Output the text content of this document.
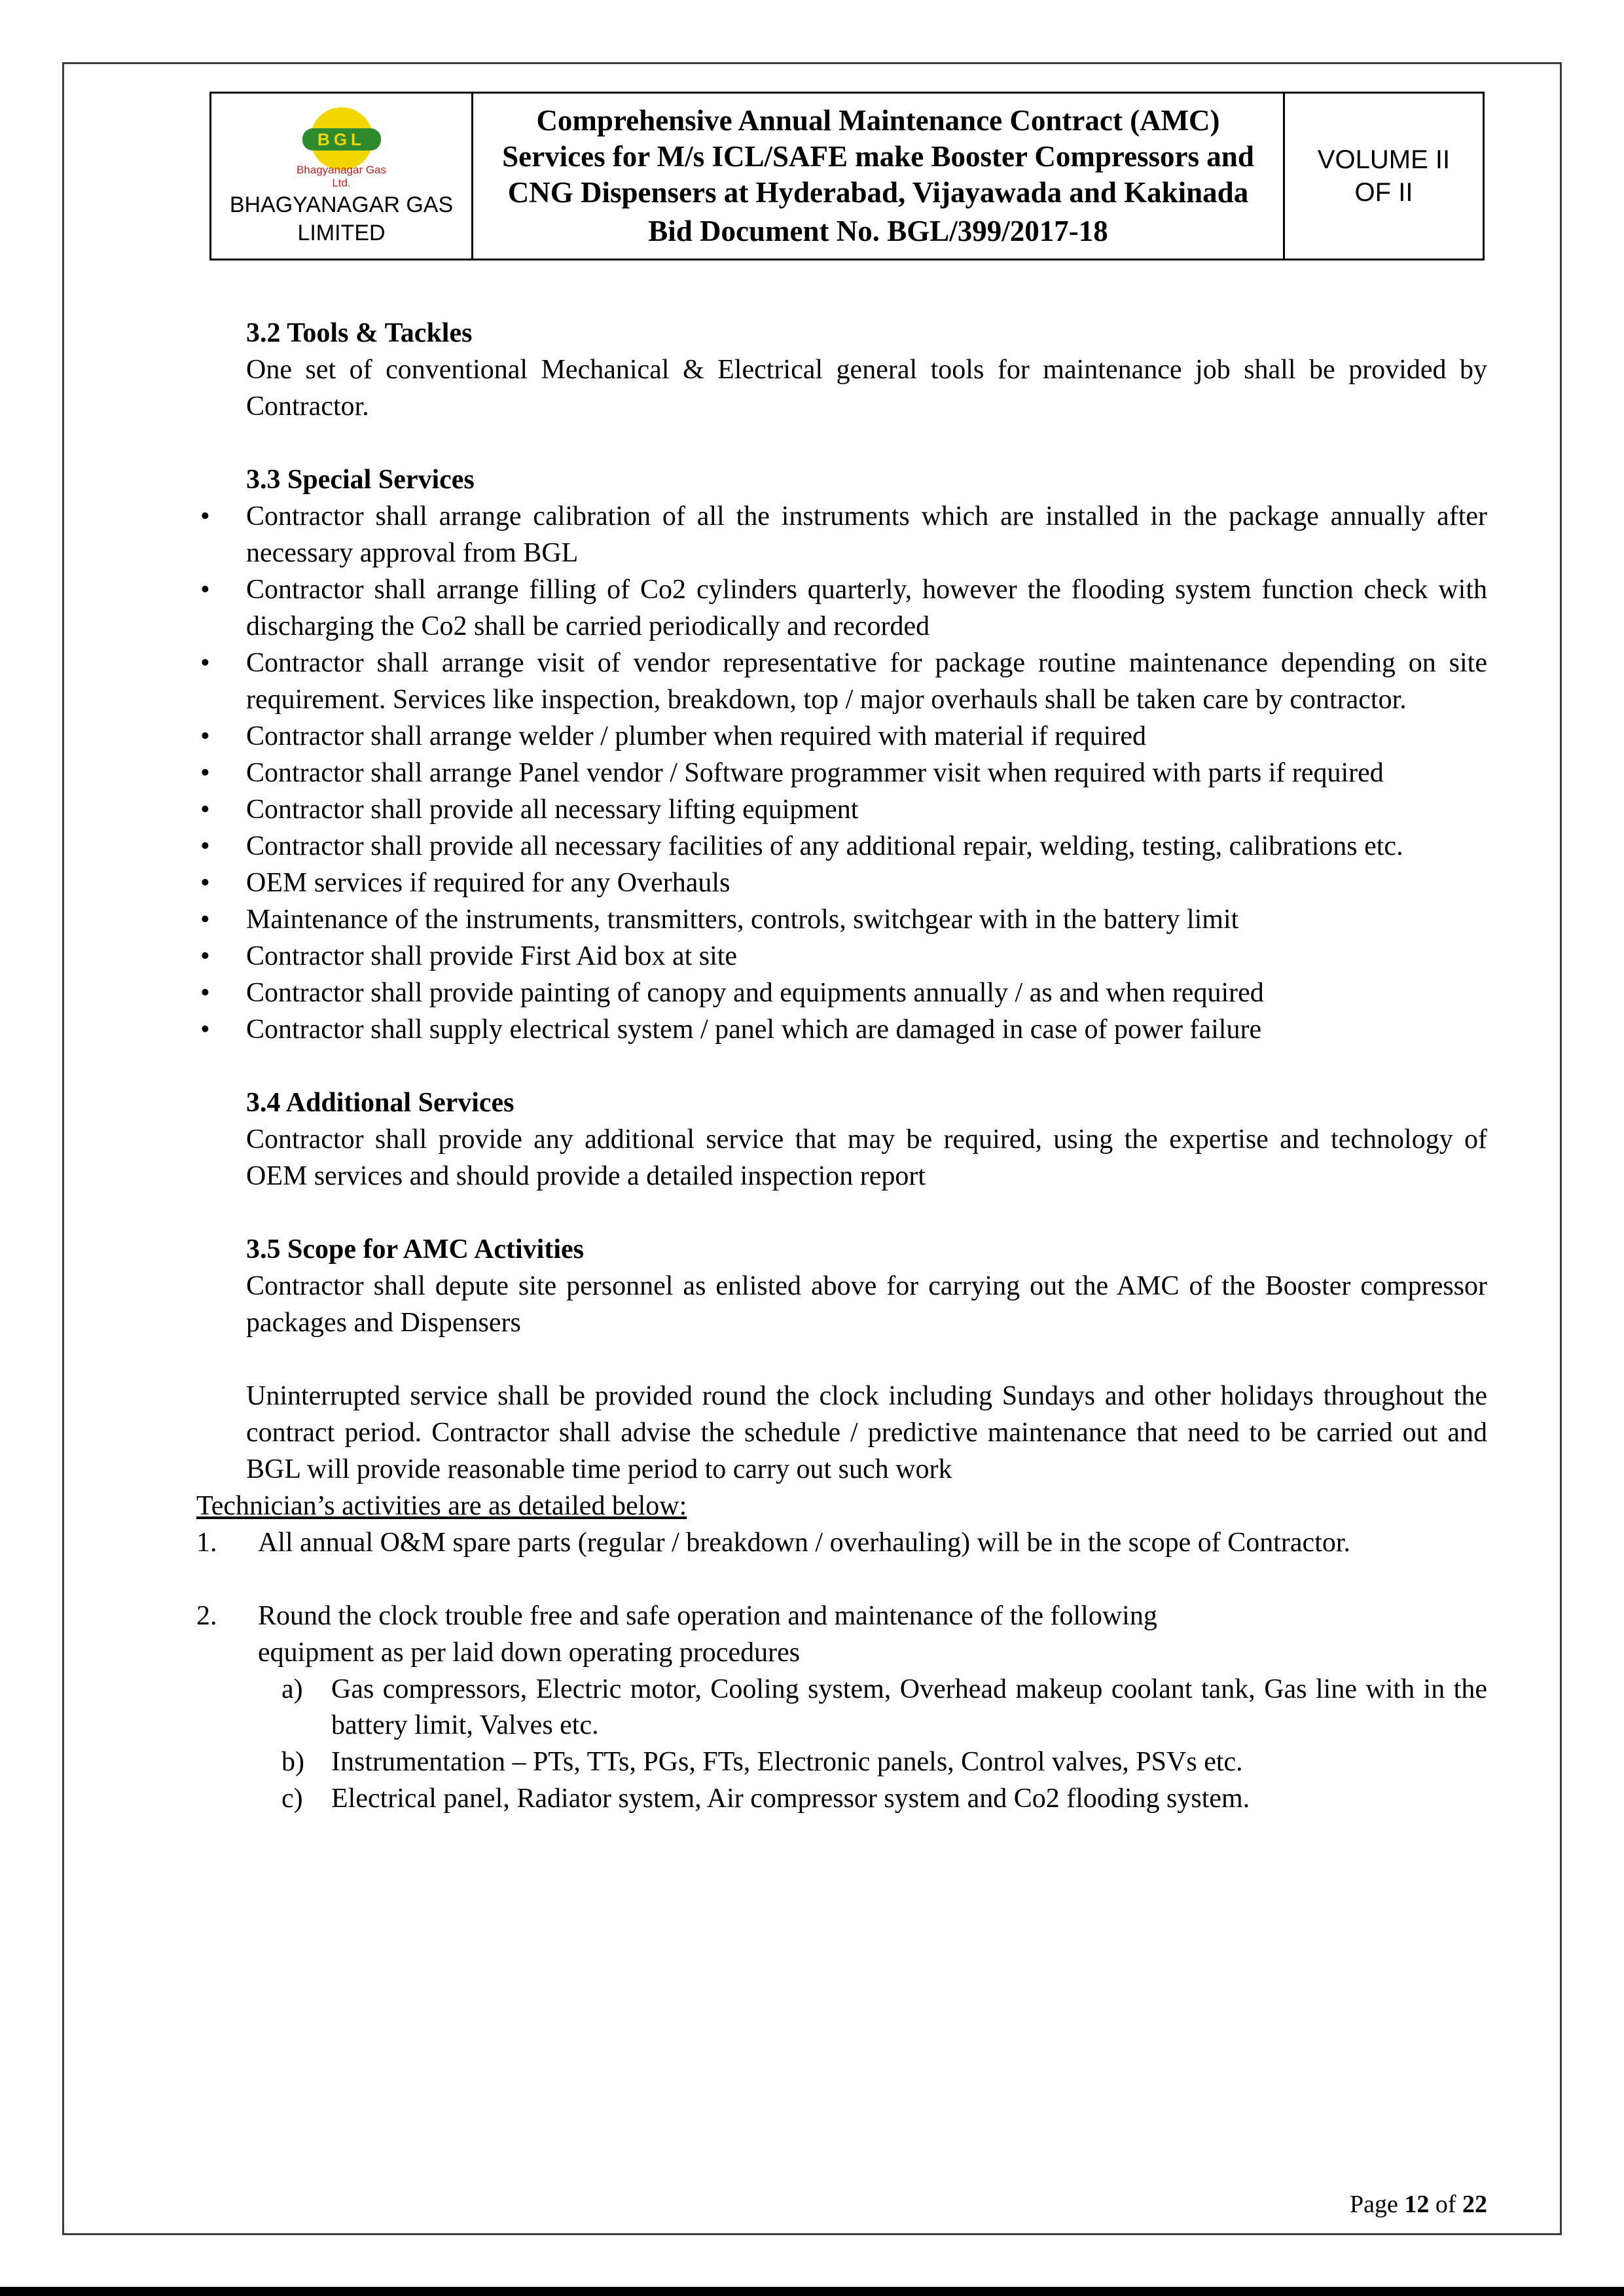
BGL
Bhagyanagar Gas Ltd.
BHAGYANAGAR GAS LIMITED
Comprehensive Annual Maintenance Contract (AMC) Services for M/s ICL/SAFE make Booster Compressors and CNG Dispensers at Hyderabad, Vijayawada and Kakinada
Bid Document No. BGL/399/2017-18
VOLUME II OF II
3.2 Tools & Tackles
One set of conventional Mechanical & Electrical general tools for maintenance job shall be provided by Contractor.
3.3 Special Services
•
Contractor shall arrange calibration of all the instruments which are installed in the package annually after necessary approval from BGL
•
Contractor shall arrange filling of Co2 cylinders quarterly, however the flooding system function check with discharging the Co2 shall be carried periodically and recorded
•
Contractor shall arrange visit of vendor representative for package routine maintenance depending on site requirement. Services like inspection, breakdown, top / major overhauls shall be taken care by contractor.
•
Contractor shall arrange welder / plumber when required with material if required
•
Contractor shall arrange Panel vendor / Software programmer visit when required with parts if required
•
Contractor shall provide all necessary lifting equipment
•
Contractor shall provide all necessary facilities of any additional repair, welding, testing, calibrations etc.
•
OEM services if required for any Overhauls
•
Maintenance of the instruments, transmitters, controls, switchgear with in the battery limit
•
Contractor shall provide First Aid box at site
•
Contractor shall provide painting of canopy and equipments annually / as and when required
•
Contractor shall supply electrical system / panel which are damaged in case of power failure
3.4 Additional Services
Contractor shall provide any additional service that may be required, using the expertise and technology of OEM services and should provide a detailed inspection report
3.5 Scope for AMC Activities
Contractor shall depute site personnel as enlisted above for carrying out the AMC of the Booster compressor packages and Dispensers
Uninterrupted service shall be provided round the clock including Sundays and other holidays throughout the contract period. Contractor shall advise the schedule / predictive maintenance that need to be carried out and BGL will provide reasonable time period to carry out such work
Technician’s activities are as detailed below:
1.	All annual O&M spare parts (regular / breakdown / overhauling) will be in the scope of Contractor.
2.	Round the clock trouble free and safe operation and maintenance of the following equipment as per laid down operating procedures
a)	Gas compressors, Electric motor, Cooling system, Overhead makeup coolant tank, Gas line with in the battery limit, Valves etc.
b) Instrumentation – PTs, TTs, PGs, FTs, Electronic panels, Control valves, PSVs etc.
c)	Electrical panel, Radiator system, Air compressor system and Co2 flooding system.
Page 12 of 22
